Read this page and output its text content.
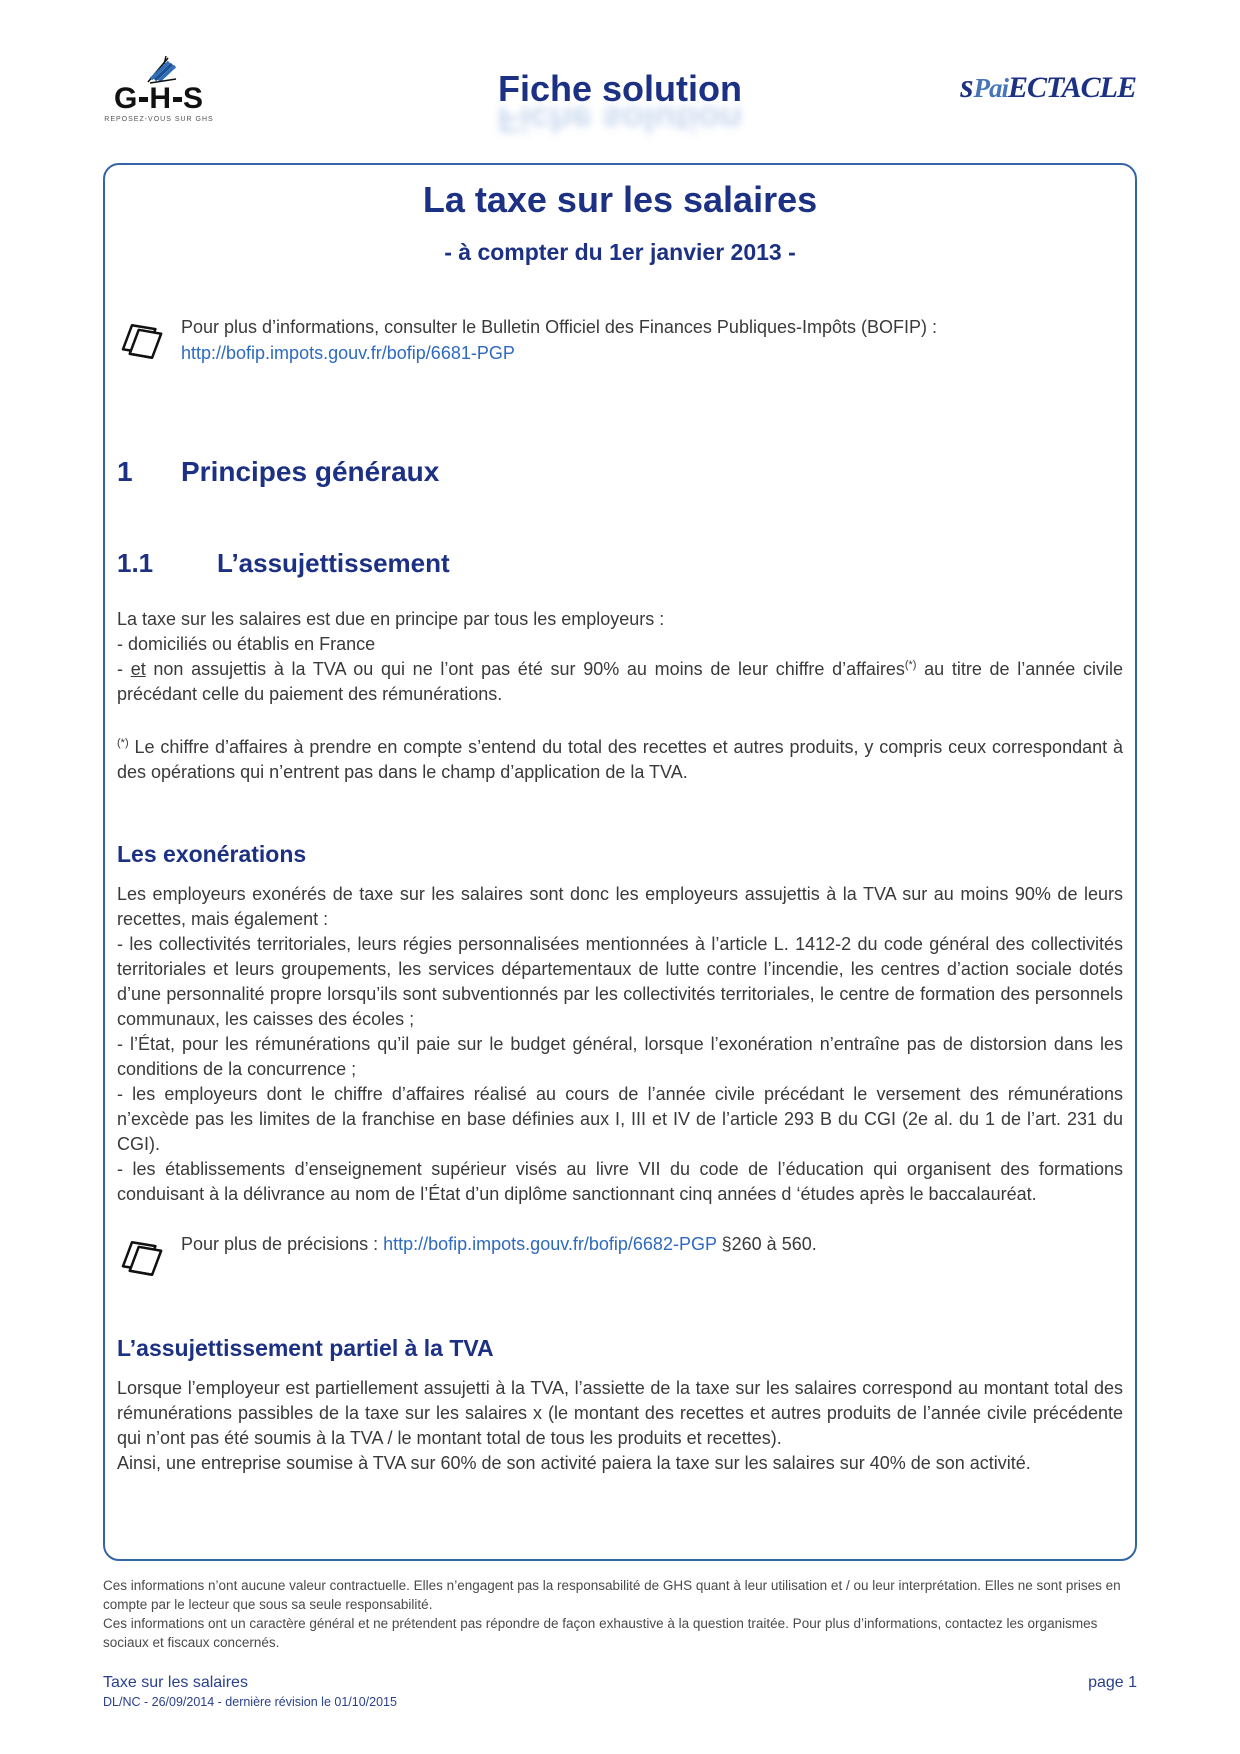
G H S
REPOSEZ-VOUS SUR GHS
Fiche solution
Fiche solution
sPaiECTACLE
La taxe sur les salaires
- à compter du 1er janvier 2013 -
Pour plus d’informations, consulter le Bulletin Officiel des Finances Publiques-Impôts (BOFIP) :
http://bofip.impots.gouv.fr/bofip/6681-PGP
1	Principes généraux
1.1	L’assujettissement
La taxe sur les salaires est due en principe par tous les employeurs :
- domiciliés ou établis en France
- et non assujettis à la TVA ou qui ne l’ont pas été sur 90% au moins de leur chiffre d’affaires(*) au titre de l’année civile précédant celle du paiement des rémunérations.
(*) Le chiffre d’affaires à prendre en compte s’entend du total des recettes et autres produits, y compris ceux correspondant à des opérations qui n’entrent pas dans le champ d’application de la TVA.
Les exonérations
Les employeurs exonérés de taxe sur les salaires sont donc les employeurs assujettis à la TVA sur au moins 90% de leurs recettes, mais également :
- les collectivités territoriales, leurs régies personnalisées mentionnées à l’article L. 1412-2 du code général des collectivités territoriales et leurs groupements, les services départementaux de lutte contre l’incendie, les centres d’action sociale dotés d’une personnalité propre lorsqu’ils sont subventionnés par les collectivités territoriales, le centre de formation des personnels communaux, les caisses des écoles ;
- l’État, pour les rémunérations qu’il paie sur le budget général, lorsque l’exonération n’entraîne pas de distorsion dans les conditions de la concurrence ;
- les employeurs dont le chiffre d’affaires réalisé au cours de l’année civile précédant le versement des rémunérations n’excède pas les limites de la franchise en base définies aux I, III et IV de l’article 293 B du CGI (2e al. du 1 de l’art. 231 du CGI).
- les établissements d’enseignement supérieur visés au livre VII du code de l’éducation qui organisent des formations conduisant à la délivrance au nom de l’État d’un diplôme sanctionnant cinq années d ‘études après le baccalauréat.
Pour plus de précisions : http://bofip.impots.gouv.fr/bofip/6682-PGP §260 à 560.
L’assujettissement partiel à la TVA
Lorsque l’employeur est partiellement assujetti à la TVA, l’assiette de la taxe sur les salaires correspond au montant total des rémunérations passibles de la taxe sur les salaires x (le montant des recettes et autres produits de l’année civile précédente qui n’ont pas été soumis à la TVA / le montant total de tous les produits et recettes).
Ainsi, une entreprise soumise à TVA sur 60% de son activité paiera la taxe sur les salaires sur 40% de son activité.

Ces informations n’ont aucune valeur contractuelle. Elles n’engagent pas la responsabilité de GHS quant à leur utilisation et / ou leur interprétation. Elles ne sont prises en compte par le lecteur que sous sa seule responsabilité.

Ces informations ont un caractère général et ne prétendent pas répondre de façon exhaustive à la question traitée. Pour plus d’informations, contactez les organismes sociaux et fiscaux concernés.

Taxe sur les salaires
DL/NC - 26/09/2014 - dernière révision le 01/10/2015
page 1
